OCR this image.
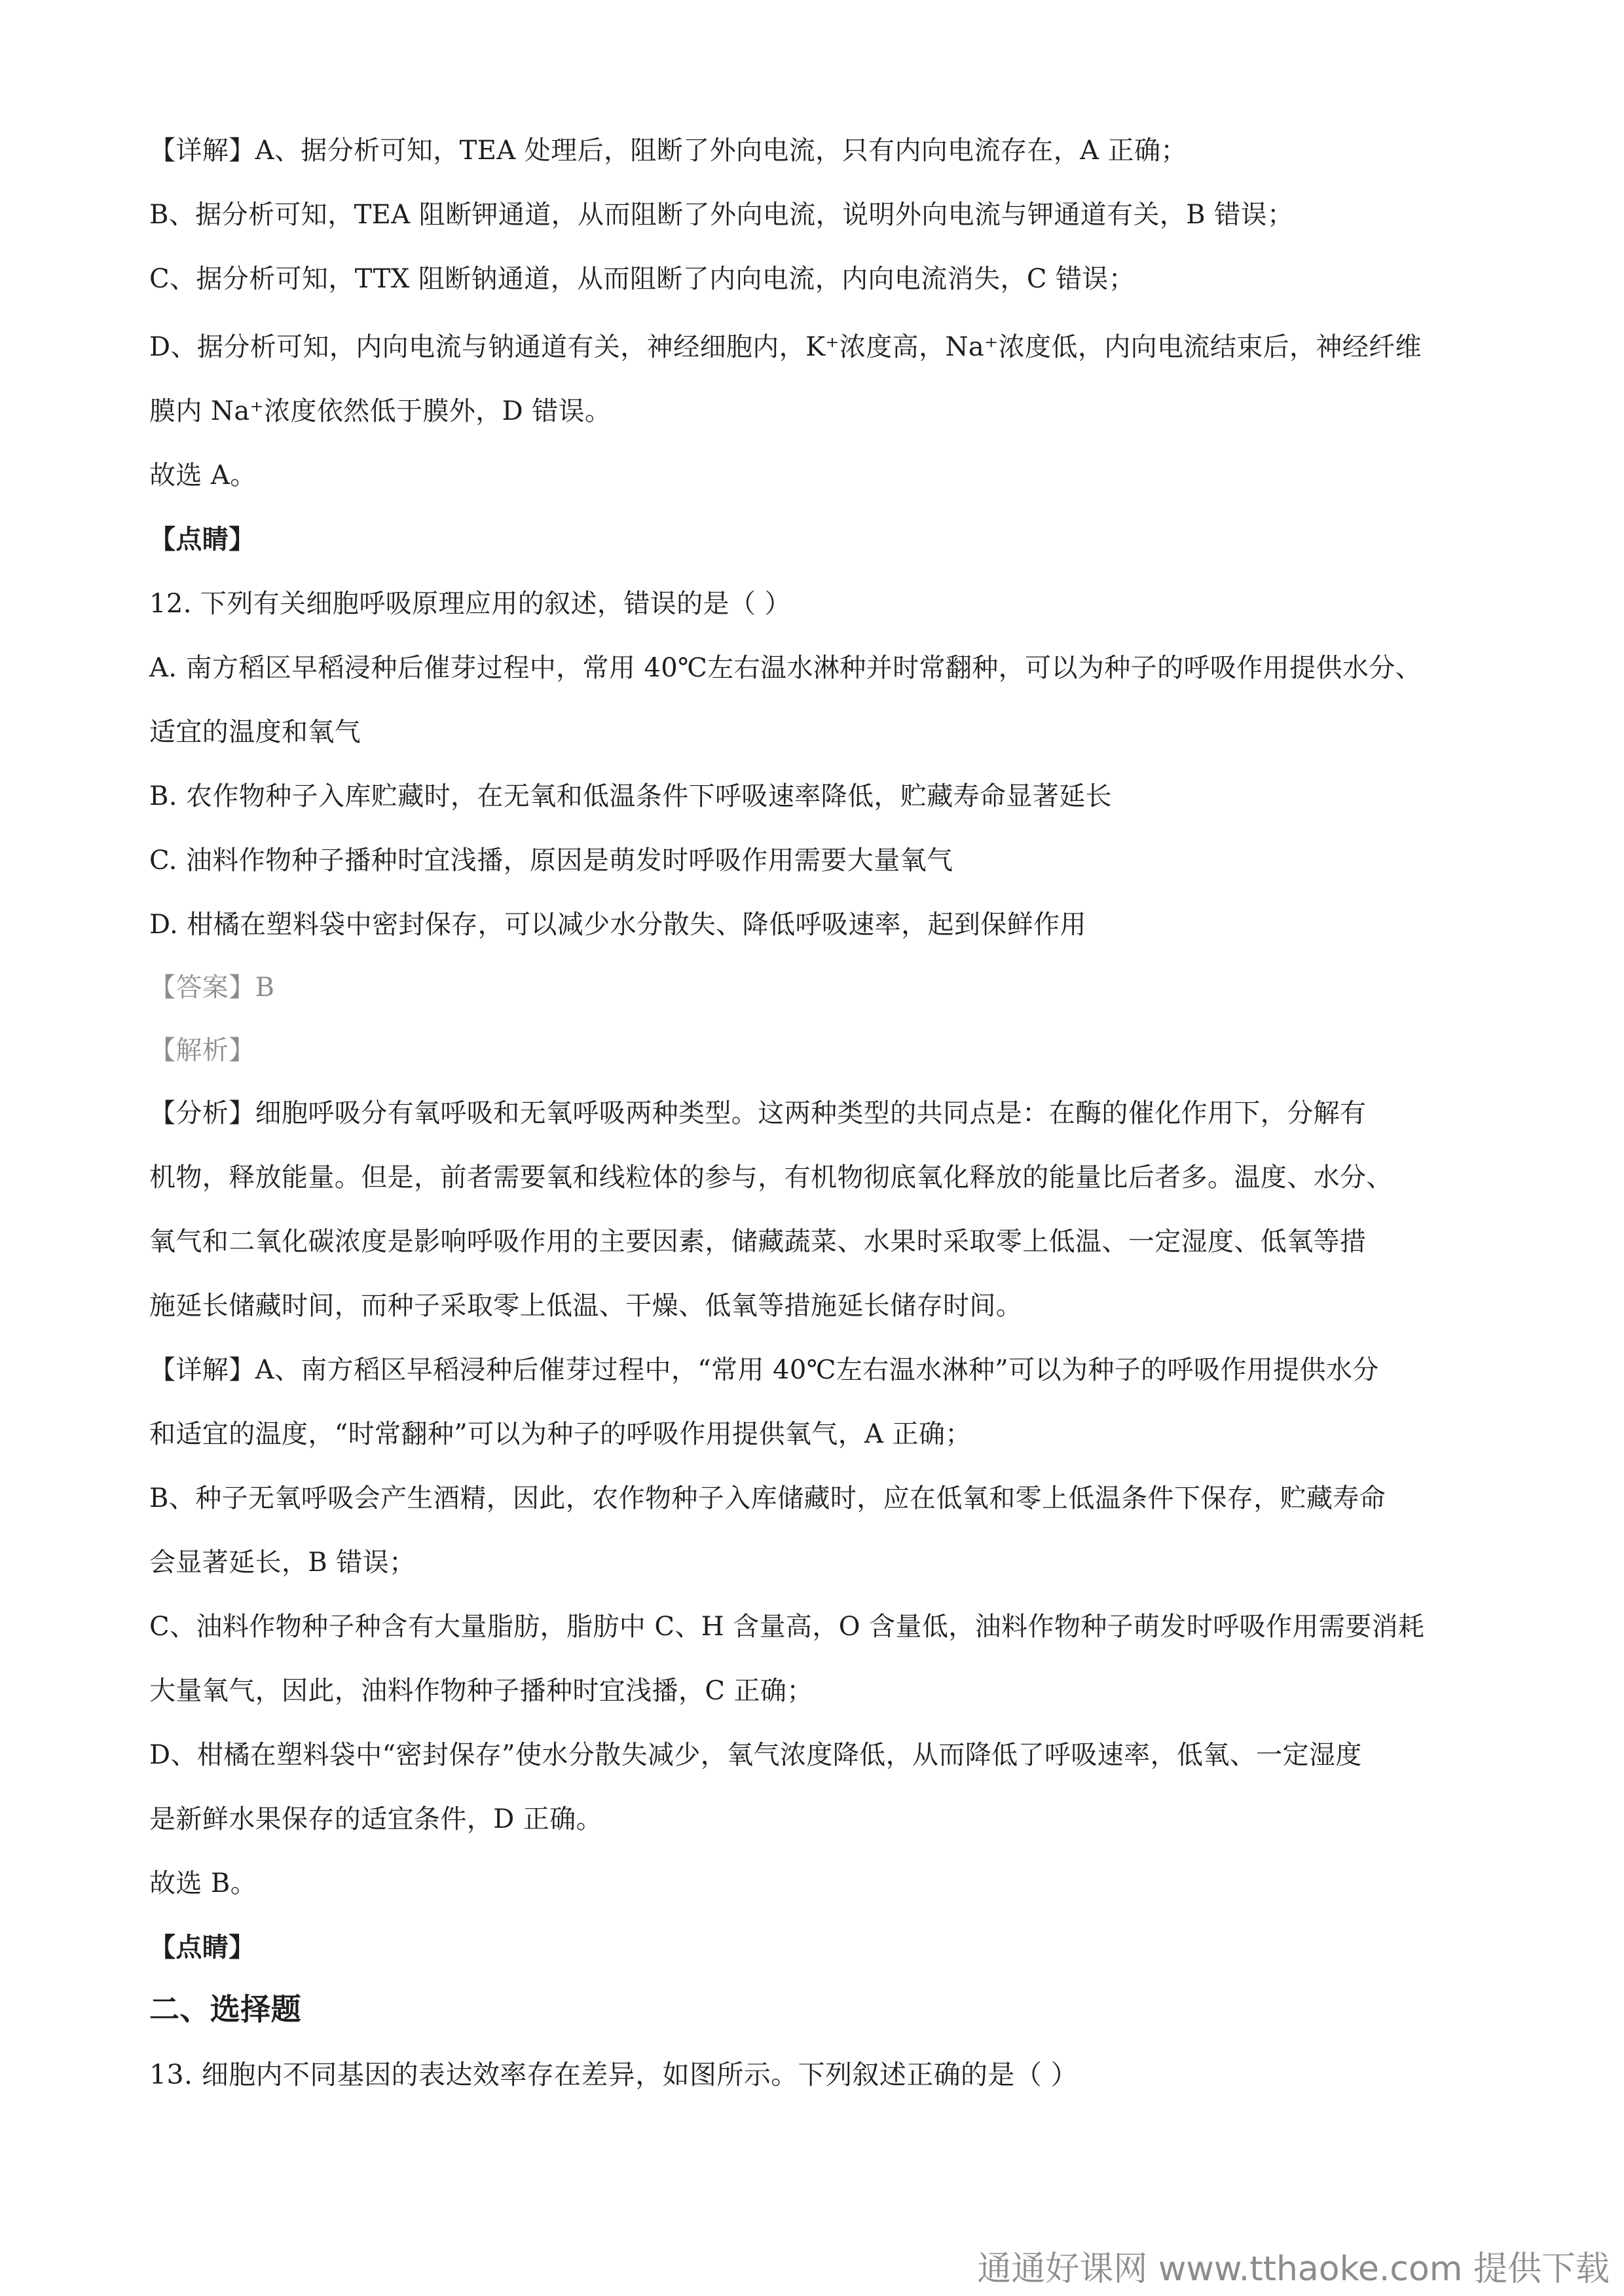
【详解】A、据分析可知，TEA 处理后，阻断了外向电流，只有内向电流存在，A 正确；
B、据分析可知，TEA 阻断钾通道，从而阻断了外向电流，说明外向电流与钾通道有关，B 错误；
C、据分析可知，TTX 阻断钠通道，从而阻断了内向电流，内向电流消失，C 错误；
D、据分析可知，内向电流与钠通道有关，神经细胞内，K⁺浓度高，Na⁺浓度低，内向电流结束后，神经纤维
膜内 Na⁺浓度依然低于膜外，D 错误。
故选 A。
【点睛】
12. 下列有关细胞呼吸原理应用的叙述，错误的是（ ）
A. 南方稻区早稻浸种后催芽过程中，常用 40℃左右温水淋种并时常翻种，可以为种子的呼吸作用提供水分、
适宜的温度和氧气
B. 农作物种子入库贮藏时，在无氧和低温条件下呼吸速率降低，贮藏寿命显著延长
C. 油料作物种子播种时宜浅播，原因是萌发时呼吸作用需要大量氧气
D. 柑橘在塑料袋中密封保存，可以减少水分散失、降低呼吸速率，起到保鲜作用
【答案】B
【解析】
【分析】细胞呼吸分有氧呼吸和无氧呼吸两种类型。这两种类型的共同点是：在酶的催化作用下，分解有
机物，释放能量。但是，前者需要氧和线粒体的参与，有机物彻底氧化释放的能量比后者多。温度、水分、
氧气和二氧化碳浓度是影响呼吸作用的主要因素，储藏蔬菜、水果时采取零上低温、一定湿度、低氧等措
施延长储藏时间，而种子采取零上低温、干燥、低氧等措施延长储存时间。
【详解】A、南方稻区早稻浸种后催芽过程中，“常用 40℃左右温水淋种”可以为种子的呼吸作用提供水分
和适宜的温度，“时常翻种”可以为种子的呼吸作用提供氧气，A 正确；
B、种子无氧呼吸会产生酒精，因此，农作物种子入库储藏时，应在低氧和零上低温条件下保存，贮藏寿命
会显著延长，B 错误；
C、油料作物种子种含有大量脂肪，脂肪中 C、H 含量高，O 含量低，油料作物种子萌发时呼吸作用需要消耗
大量氧气，因此，油料作物种子播种时宜浅播，C 正确；
D、柑橘在塑料袋中“密封保存”使水分散失减少，氧气浓度降低，从而降低了呼吸速率，低氧、一定湿度
是新鲜水果保存的适宜条件，D 正确。
故选 B。
【点睛】
二、选择题
13. 细胞内不同基因的表达效率存在差异，如图所示。下列叙述正确的是（ ）
通通好课网 www.tthaoke.com 提供下载
